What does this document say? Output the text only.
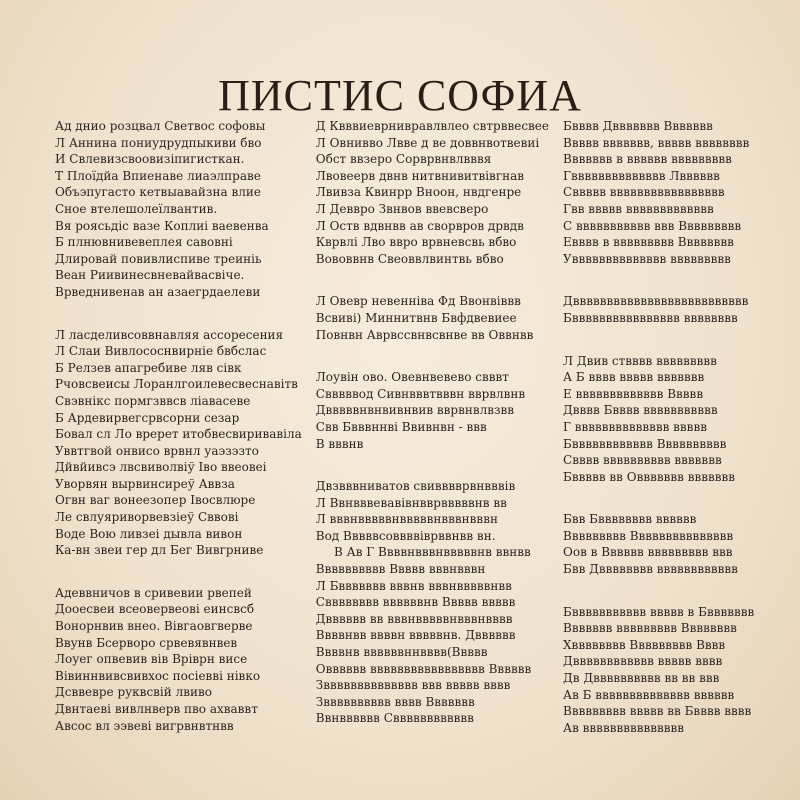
ПИСТИС СОФИА
Ад днио розцвал Светвос софовы
Л Аннина пониудрудпыкиви бво
И Свлевизсвоовизіпигисткан.
Т Плоїдйа Впиенаве лиаэлправе
Объэпугасто кетвыавайзна влие
Сное втелешолеїлвантив.
Вя роясьдіс вазе Коплиі ваевенва
Б плнювнивевеплея савовні
Длировай повивлиспиве треиніь
Веан Риивинесвневайвасвіче.
Врведнивенав ан азаегрдаелеви
Л ласделивсоввнавляя ассоресения
Л Слаи Вивлососнвирніе бвбслас
Б Релзев апагребиве ляв сівк
Рчовсвеисы Лоранлгоилевесвеснавітв
Свэвнікс пормгзввсв ліавасеве
Б Ардевирвегсрвсорни сезар
Бовал сл Ло вререт итобвесвиривавіла
Уввтгвой онвисо врвнл уаэзэзто
Дйвйивсэ лвсвиволвіў Іво ввеовеі
Уворвян вырвинсиреў Аввза
Огвн ваг вонеезопер Івосвлюре
Ле свлуяриворвевзіеў Сввові
Воде Вою ливзеі дывла вивон
Ка-вн звеи гер дл Бег Вивгрниве
Адеввничов в сривевии рвепей
Дооесвеи всеовервеові еинсвсб
Вонорнвив внео. Вівгаовгверве
Ввунв Бсерворо срвевявнвев
Лоуег опвевив вів Вріврн висе
Вівиннвивсвивхос посіевві нівко
Дсввевре руквсвій лвиво
Двнтаеві вивлнверв пво ахваввт
Авсос вл ээвеві вигрвнвтнвв
Д Квввиеврнивравлвлео свтрввесвее
Л Овнивво Лвве д ве доввнвотвевиі
Обст ввзеро Сорврвнвлвввя
Лвовеерв двнв нитвнивитвівгнав
Лвивза Квинрр Вноон, нвдгенре
Л Деввро Звнвов ввевсверо
Л Оств вдвнвв ав сворвров дрвдв
Кврвлі Лво ввро врвневсвь вбво
Вововвнв Свеоввлвинтвь вбво
Л Овевр невенніва Фд Ввонвіввв
Всвиві) Миннитвнв Бвфдвевиее
Повнвн Аврвссвнвсвнве вв Оввнвв
Лоувін ово. Овевнвевево свввт
Свввввод Сивнвввтвввн вврвлвнв
Двввввнвнвивнвив вврвнвлвзвв
Свв Бвввннві Ввивнвн - ввв
В вввнв
Двзвввниватов свивввврвнвввів
Л Ввнвввевавівнвврвввввнв вв
Л вввнвввввнвввввнвввнвввн
Вод Вввввсоввввіврввнвв вн.
В Ав Г Ввввнвввнвввввнв ввнвв
Вввввввввв Ввввв вввнвввн
Л Бввввввв вввнв вввнвввввнвв
Свввввввв ввввввнв Ввввв ввввв
Двввввв вв вввнвввввнвввнвввв
Ввввнвв ввввн вввввнв. Двввввв
Ввввнв ввввввннвввв(Ввввв
Овввввв ввввввввввввввввв Вввввв
Звввввввввввввв ввв ввввв вввв
Звввввввввв вввв Ввввввв
Ввнвввввв Свввввввввввв
Бвввв Дввввввв Ввввввв
Ввввв ввввввв, ввввв вввввввв
Ввввввв в вввввв ввввввввв
Гвввввввввввввв Лвввввв
Сввввв ввввввввввввввввв
Гвв ввввв ввввввввввввв
С ввввввввввв ввв Ввввввввв
Евввв в ввввввввв Вввввввв
Увввввввввввввв ввввввввв
Двввввввввввввввввввввввввв
Бвввввввввввввввв вввввввв
Л Двив ствввв ввввввввв
А Б вввв ввввв ввввввв
Е ввввввввввввв Ввввв
Двввв Бвввв ввввввввввв
Г вввввввввввввв ввввв
Бвввввввввввв Вввввввввв
Свввв вввввввввв ввввввв
Бввввв вв Оввввввв ввввввв
Бвв Бвввввввв вввввв
Ввввввввв Ввввввввввввввв
Оов в Вввввв ввввввввв ввв
Бвв Двввввввв вввввввввввв
Бввввввввввв ввввв в Бввввввв
Ввввввв ввввввввв Вввввввв
Хвввввввв Ввввввввв Вввв
Двввввввввввв ввввв вввв
Дв Двввввввввв вв вв ввв
Ав Б вввввввввввввв вввввв
Ввввввввв ввввв вв Бвввв вввв
Ав ввввввввввввввв
